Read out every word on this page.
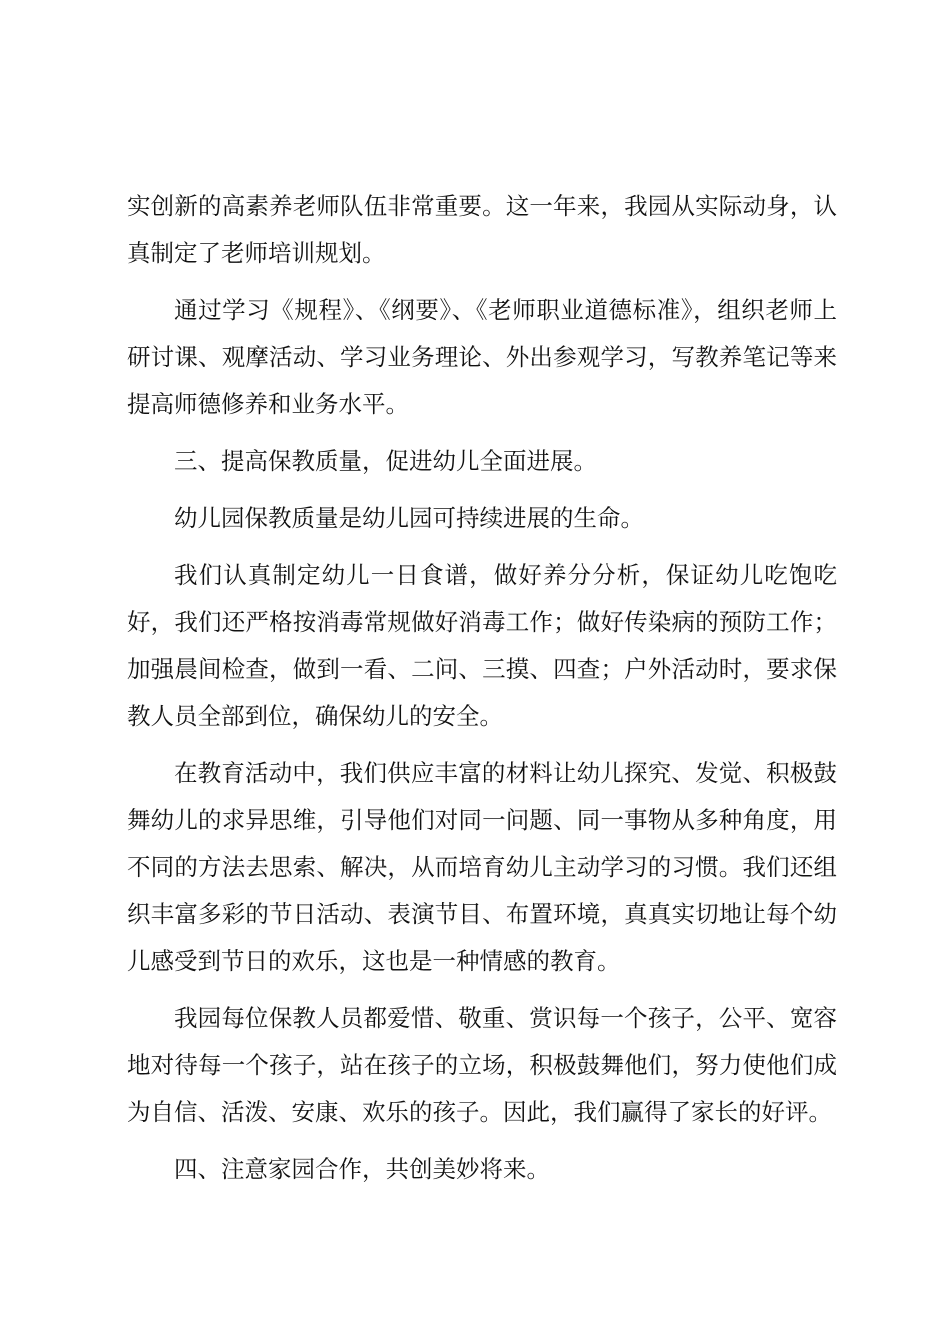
实创新的高素养老师队伍非常重要。这一年来，我园从实际动身，认真制定了老师培训规划。

通过学习《规程》、《纲要》、《老师职业道德标准》，组织老师上研讨课、观摩活动、学习业务理论、外出参观学习，写教养笔记等来提高师德修养和业务水平。

三、提高保教质量，促进幼儿全面进展。

幼儿园保教质量是幼儿园可持续进展的生命。

我们认真制定幼儿一日食谱，做好养分分析，保证幼儿吃饱吃好，我们还严格按消毒常规做好消毒工作；做好传染病的预防工作；加强晨间检查，做到一看、二问、三摸、四查；户外活动时，要求保教人员全部到位，确保幼儿的安全。

在教育活动中，我们供应丰富的材料让幼儿探究、发觉、积极鼓舞幼儿的求异思维，引导他们对同一问题、同一事物从多种角度，用不同的方法去思索、解决，从而培育幼儿主动学习的习惯。我们还组织丰富多彩的节日活动、表演节目、布置环境，真真实切地让每个幼儿感受到节日的欢乐，这也是一种情感的教育。

我园每位保教人员都爱惜、敬重、赏识每一个孩子，公平、宽容地对待每一个孩子，站在孩子的立场，积极鼓舞他们，努力使他们成为自信、活泼、安康、欢乐的孩子。因此，我们赢得了家长的好评。

四、注意家园合作，共创美妙将来。
